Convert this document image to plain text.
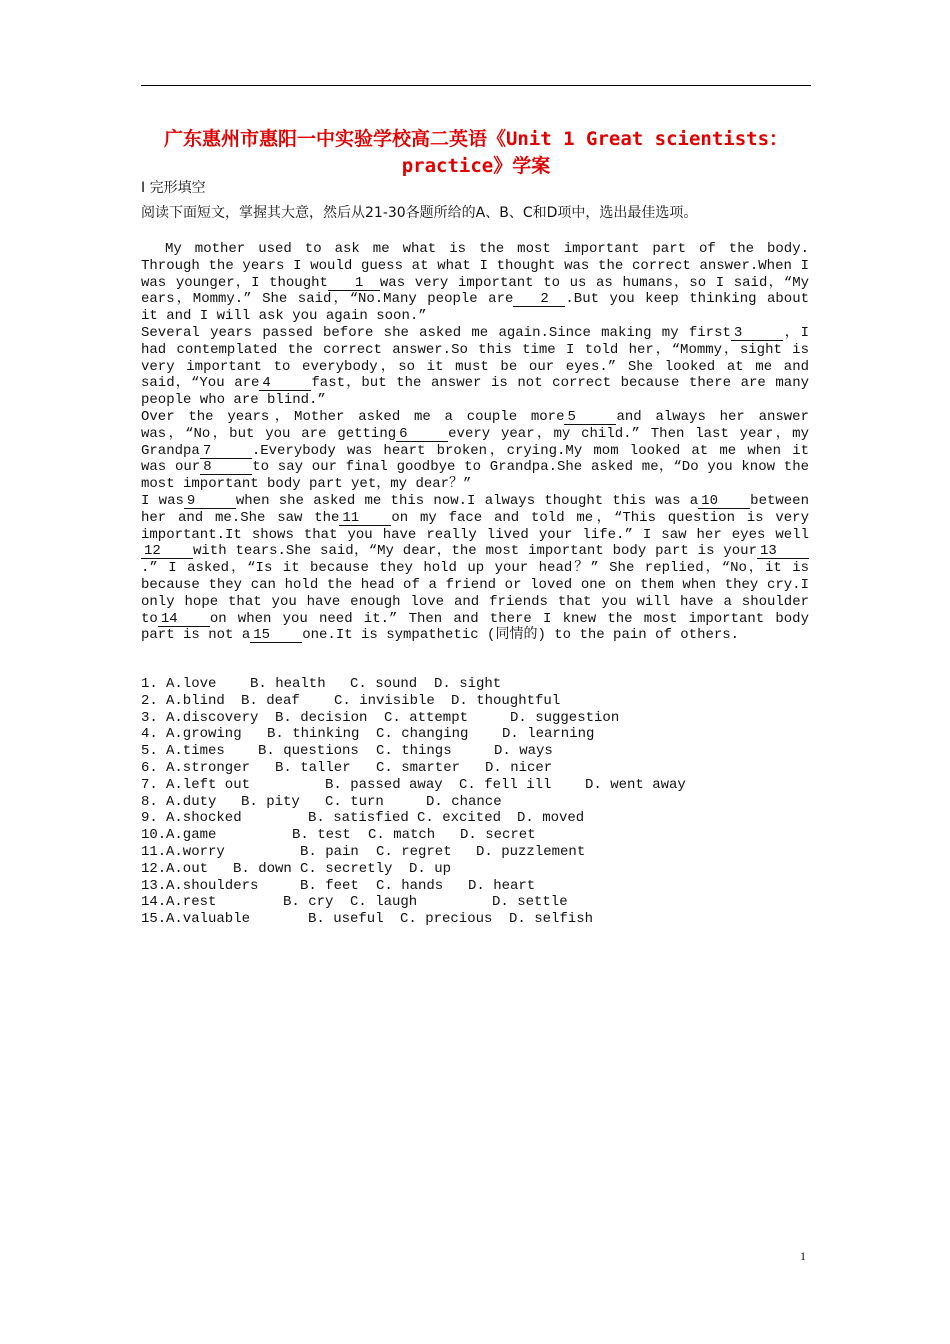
广东惠州市惠阳一中实验学校高二英语《Unit 1 Great scientists：practice》学案
I 完形填空
阅读下面短文，掌握其大意，然后从21-30各题所给的A、B、C和D项中，选出最佳选项。

My mother used to ask me what is the most important part of the body. Through the years I would guess at what I thought was the correct answer.When I was younger，I thought 1 was very important to us as humans，so I said，“My ears，Mommy.” She said，“No.Many people are 2 .But you keep thinking about it and I will ask you again soon.”

Several years passed before she asked me again.Since making my first 3	，I had contemplated the correct answer.So this time I told her，“Mommy，sight is very important to everybody，so it must be our eyes.” She looked at me and said，“You are 4	fast，but the answer is not correct because there are many people who are blind.”

Over the years，Mother asked me a couple more 5	and always her answer was，“No，but you are getting 6	every year，my child.” Then last year，my Grandpa 7	.Everybody was heart broken，crying.My mom looked at me when it was our 8	to say our final goodbye to Grandpa.She asked me，“Do you know the most important body part yet，my dear？”

I was 9	when she asked me this now.I always thought this was a 10 between her and me.She saw the 11 on my face and told me，“This question is very important.It shows that you have really lived your life.” I saw her eyes well12 with tears.She said，“My dear，the most important body part is your 13.” I asked，“Is it because they hold up your head？” She replied，“No，it is because they can hold the head of a friend or loved one on them when they cry.I only hope that you have enough love and friends that you will have a shoulder to 14 on when you need it.” Then and there I knew the most important body part is not a 15 one.It is sympathetic (同情的) to the pain of others.

1. A.love B. health C. sound D. sight
2. A.blind B. deaf C. invisible D. thoughtful
3. A.discovery B. decision C. attempt	D. suggestion
4. A.growing B. thinking C. changing D. learning
5. A.times B. questions C. things	D. ways
6. A.stronger B. taller C. smarter D. nicer
7. A.left out	B. passed away C. fell ill D. went away
8. A.duty B. pity C. turn	D. chance
9. A.shocked	B. satisfied C. excited D. moved
10.A.game	B. test C. match D. secret
11.A.worry	B. pain C. regret D. puzzlement
12.A.out B. down C. secretly D. up
13.A.shoulders	B. feet C. hands D. heart
14.A.rest	B. cry C. laugh	D. settle
15.A.valuable	B. useful C. precious D. selfish
1
